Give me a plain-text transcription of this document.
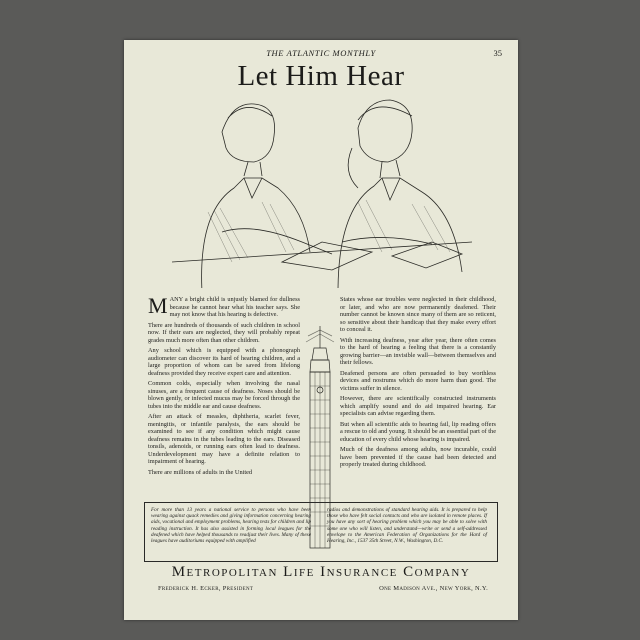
THE ATLANTIC MONTHLY	35
Let Him Hear

MANY a bright child is unjustly blamed for dullness because he cannot hear what his teacher says. She may not know that his hearing is defective.

There are hundreds of thousands of such children in school now. If their ears are neglected, they will probably repeat grades much more often than other children.

Any school which is equipped with a phonograph audiometer can discover its hard of hearing children, and a large proportion of whom can be saved from lifelong deafness provided they receive expert care and attention.

Common colds, especially when involving the nasal sinuses, are a frequent cause of deafness. Noses should be blown gently, or infected mucus may be forced through the tubes into the middle ear and cause deafness.

After an attack of measles, diphtheria, scarlet fever, meningitis, or infantile paralysis, the ears should be examined to see if any condition which might cause deafness remains in the tubes leading to the ears. Diseased tonsils, adenoids, or running ears often lead to deafness. Underdevelopment may have a definite relation to impairment of hearing.

There are millions of adults in the United

States whose ear troubles were neglected in their childhood, or later, and who are now permanently deafened. Their number cannot be known since many of them are so reticent, so sensitive about their handicap that they make every effort to conceal it.

With increasing deafness, year after year, there often comes to the hard of hearing a feeling that there is a constantly growing barrier—an invisible wall—between themselves and their fellows.

Deafened persons are often persuaded to buy worthless devices and nostrums which do more harm than good. The victims suffer in silence.

However, there are scientifically constructed instruments which amplify sound and do aid impaired hearing. Ear specialists can advise regarding them.

But when all scientific aids to hearing fail, lip reading offers a rescue to old and young. It should be an essential part of the education of every child whose hearing is impaired.

Much of the deafness among adults, now incurable, could have been prevented if the cause had been detected and properly treated during childhood.

For more than 13 years a national service to persons who have been wearing against quack remedies and giving information concerning hearing aids, vocational and employment problems, hearing tests for children and lip reading instruction. It has also assisted in forming local leagues for the deafened which have helped thousands to readjust their lives. Many of these leagues have auditoriums equipped with amplified
radios and demonstrations of standard hearing aids. It is prepared to help those who have felt social contacts and who are isolated in remote places. If you have any sort of hearing problem which you may be able to solve with some one who will listen, and understand—write or send a self-addressed envelope to the American Federation of Organizations for the Hard of Hearing, Inc., 1537 35th Street, N.W., Washington, D.C.
Metropolitan Life Insurance Company
Frederick H. Ecker, President	One Madison Ave., New York, N.Y.
